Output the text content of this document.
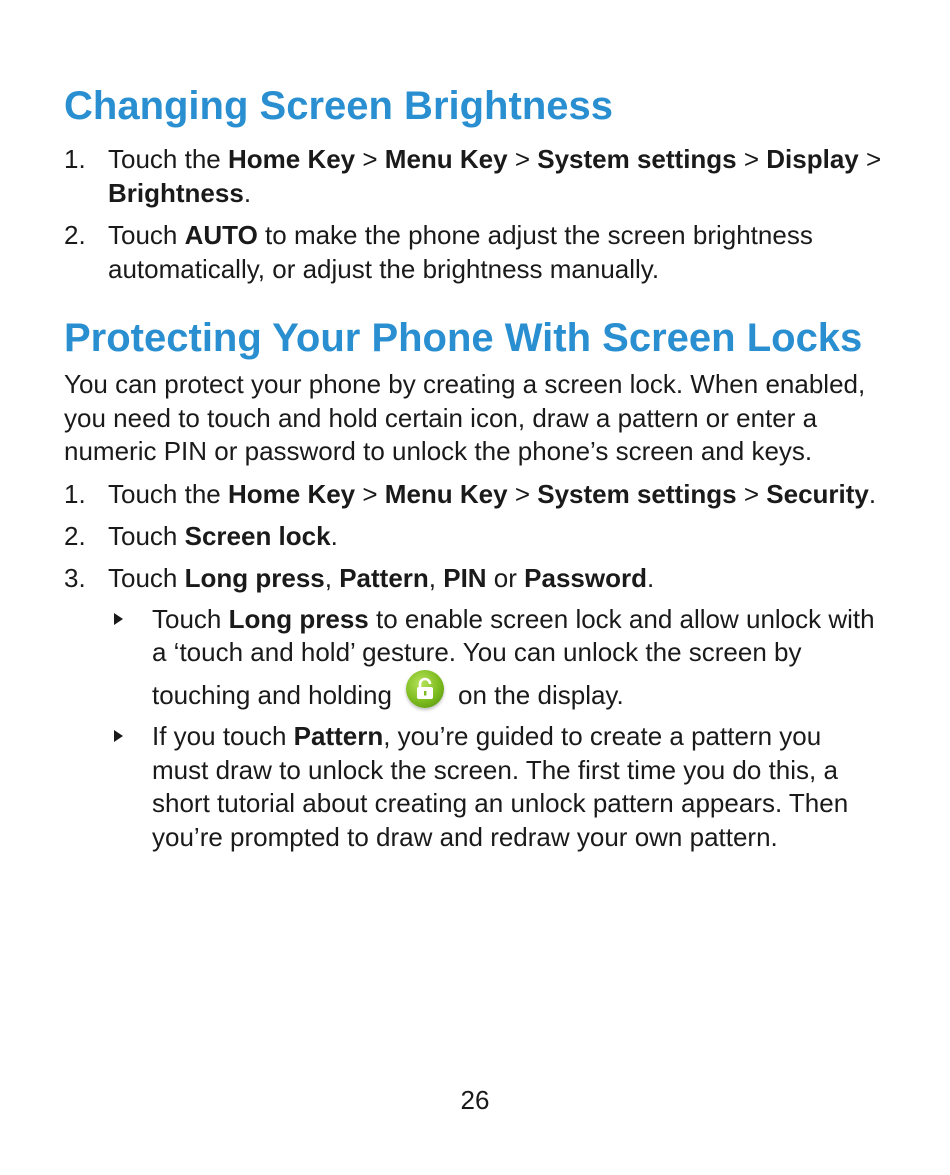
Changing Screen Brightness
1. Touch the Home Key > Menu Key > System settings > Display > Brightness.
2. Touch AUTO to make the phone adjust the screen brightness automatically, or adjust the brightness manually.
Protecting Your Phone With Screen Locks

You can protect your phone by creating a screen lock. When enabled, you need to touch and hold certain icon, draw a pattern or enter a numeric PIN or password to unlock the phone’s screen and keys.

1. Touch the Home Key > Menu Key > System settings > Security.
2. Touch Screen lock.
3. Touch Long press, Pattern, PIN or Password.
Touch Long press to enable screen lock and allow unlock with a ‘touch and hold’ gesture. You can unlock the screen by touching and holding	on the display.
If you touch Pattern, you’re guided to create a pattern you must draw to unlock the screen. The first time you do this, a short tutorial about creating an unlock pattern appears. Then you’re prompted to draw and redraw your own pattern.
26
